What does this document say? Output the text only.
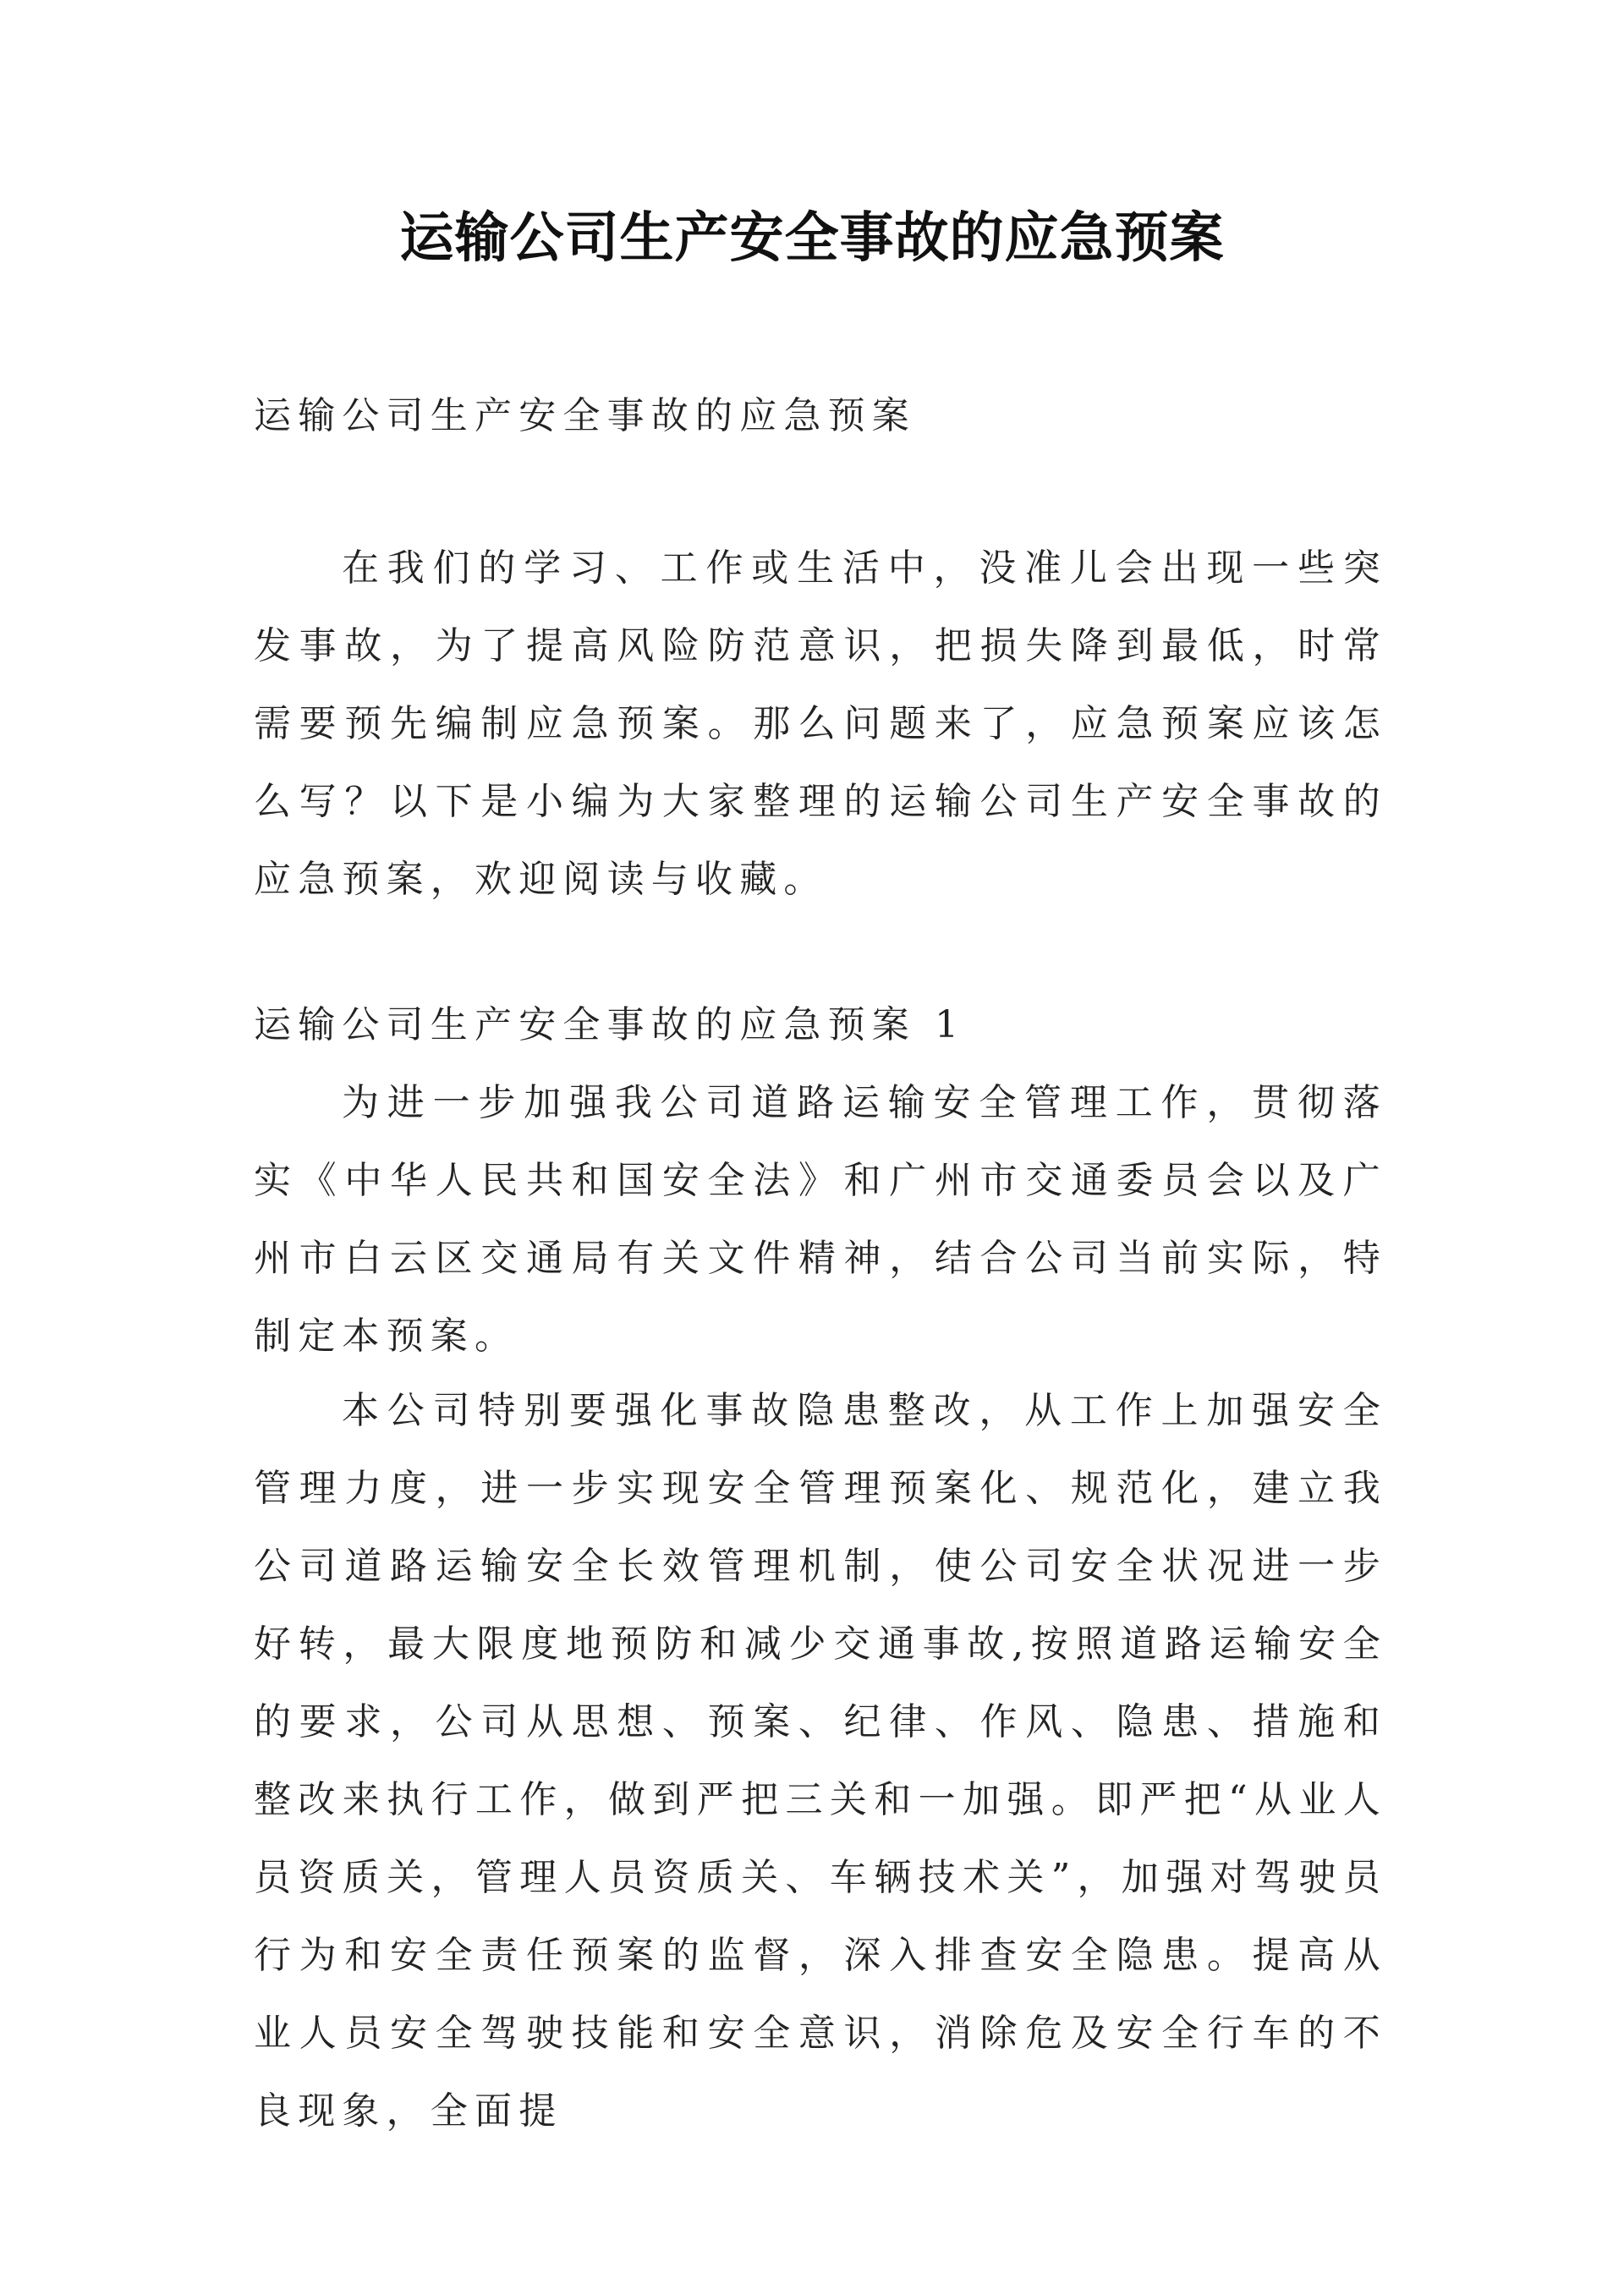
运输公司生产安全事故的应急预案

运输公司生产安全事故的应急预案

在我们的学习、工作或生活中，没准儿会出现一些突发事故，为了提高风险防范意识，把损失降到最低，时常需要预先编制应急预案。那么问题来了，应急预案应该怎么写？以下是小编为大家整理的运输公司生产安全事故的应急预案，欢迎阅读与收藏。

运输公司生产安全事故的应急预案 1

为进一步加强我公司道路运输安全管理工作，贯彻落实《中华人民共和国安全法》和广州市交通委员会以及广州市白云区交通局有关文件精神，结合公司当前实际，特制定本预案。

本公司特别要强化事故隐患整改，从工作上加强安全管理力度，进一步实现安全管理预案化、规范化，建立我公司道路运输安全长效管理机制，使公司安全状况进一步好转，最大限度地预防和减少交通事故,按照道路运输安全的要求，公司从思想、预案、纪律、作风、隐患、措施和整改来执行工作，做到严把三关和一加强。即严把“从业人员资质关，管理人员资质关、车辆技术关”，加强对驾驶员行为和安全责任预案的监督，深入排查安全隐患。提高从业人员安全驾驶技能和安全意识，消除危及安全行车的不良现象，全面提
